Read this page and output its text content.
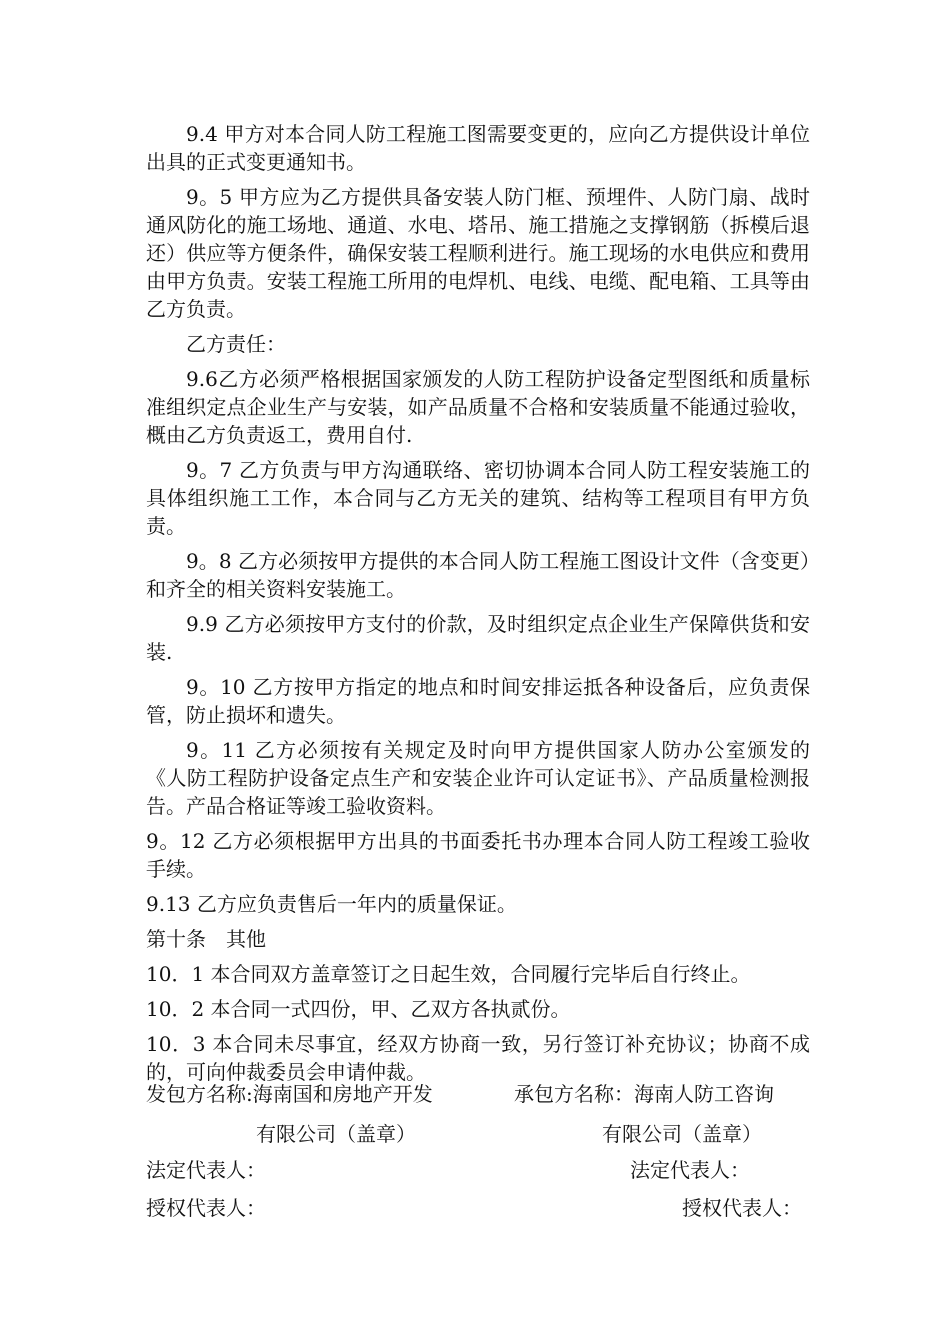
9.4 甲方对本合同人防工程施工图需要变更的，应向乙方提供设计单位出具的正式变更通知书。

9。5 甲方应为乙方提供具备安装人防门框、预埋件、人防门扇、战时通风防化的施工场地、通道、水电、塔吊、施工措施之支撑钢筋（拆模后退还）供应等方便条件，确保安装工程顺利进行。施工现场的水电供应和费用由甲方负责。安装工程施工所用的电焊机、电线、电缆、配电箱、工具等由乙方负责。

乙方责任：

9.6乙方必须严格根据国家颁发的人防工程防护设备定型图纸和质量标准组织定点企业生产与安装，如产品质量不合格和安装质量不能通过验收，概由乙方负责返工，费用自付.

9。7 乙方负责与甲方沟通联络、密切协调本合同人防工程安装施工的具体组织施工工作，本合同与乙方无关的建筑、结构等工程项目有甲方负责。

9。8 乙方必须按甲方提供的本合同人防工程施工图设计文件（含变更）和齐全的相关资料安装施工。

9.9 乙方必须按甲方支付的价款，及时组织定点企业生产保障供货和安装.

9。10 乙方按甲方指定的地点和时间安排运抵各种设备后，应负责保管，防止损坏和遗失。

9。11 乙方必须按有关规定及时向甲方提供国家人防办公室颁发的《人防工程防护设备定点生产和安装企业许可认定证书》、产品质量检测报告。产品合格证等竣工验收资料。

9。12 乙方必须根据甲方出具的书面委托书办理本合同人防工程竣工验收手续。

9.13 乙方应负责售后一年内的质量保证。

第十条　其他

10．1 本合同双方盖章签订之日起生效，合同履行完毕后自行终止。

10．2 本合同一式四份，甲、乙双方各执贰份。

10．3 本合同未尽事宜，经双方协商一致，另行签订补充协议；协商不成的，可向仲裁委员会申请仲裁。

发包方名称:海南国和房地产开发	承包方名称：海南人防工咨询
有限公司（盖章）	有限公司（盖章）
法定代表人：	法定代表人：
授权代表人：	授权代表人：
